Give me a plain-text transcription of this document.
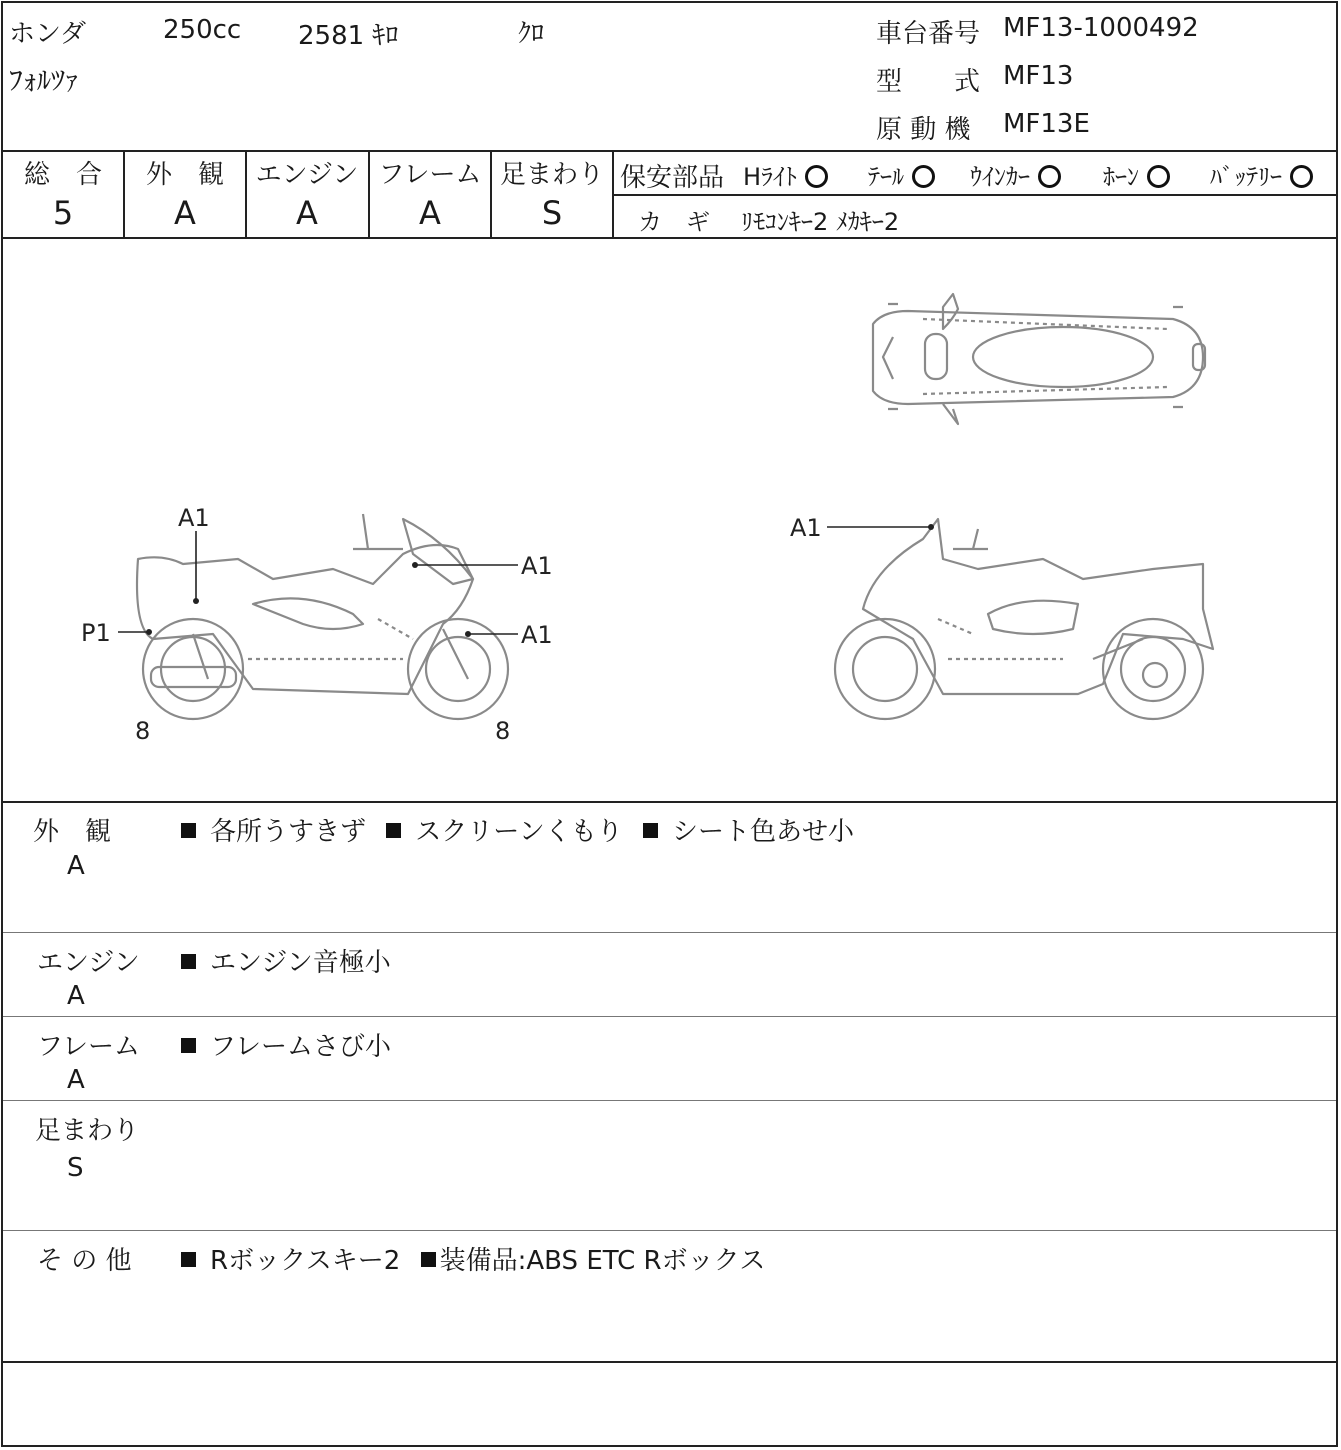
ホンダ	250cc 2581 ｷﾛ	ｸﾛ
ﾌｫﾙﾂｧ
車台番号 MF13-1000492
型　　式 MF13
原 動 機 MF13E
総　合
5
外　観
A
エンジン
A
フレーム
A
足まわり
S
保安部品 Hﾗｲﾄ	ﾃｰﾙ	ｳｲﾝｶｰ	ﾎｰﾝ	ﾊﾞｯﾃﾘｰ
カ　ギ ﾘﾓｺﾝｷｰ2 ﾒｶｷｰ2
A1
A1
A1
P1
A1
8	8
外　観
A
各所うすきず スクリーンくもり シート色あせ小
エンジン
A
エンジン音極小
フレーム
A
フレームさび小
足まわり
S
そ の 他	Rボックスキー2 装備品:ABS ETC Rボックス
